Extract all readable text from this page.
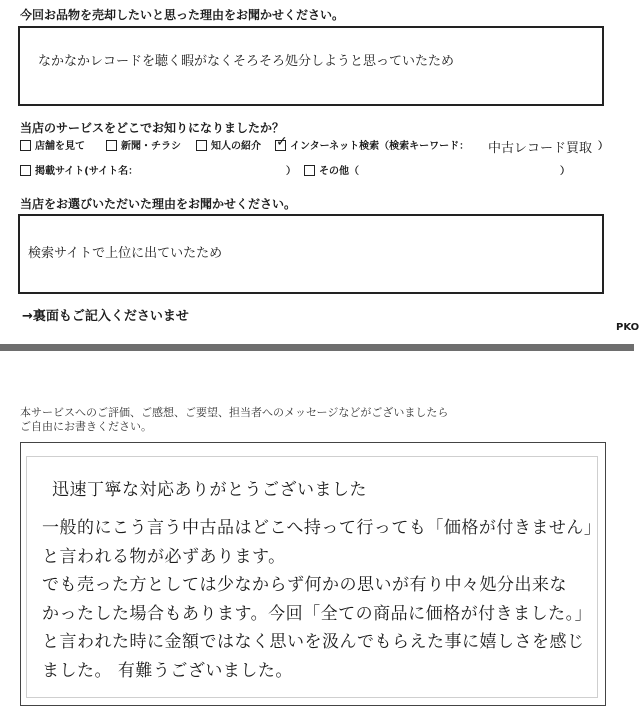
今回お品物を売却したいと思った理由をお聞かせください。
なかなかレコードを聴く暇がなくそろそろ処分しようと思っていたため
当店のサービスをどこでお知りになりましたか？
店舗を見て	新聞・チラシ	知人の紹介 ✓ インターネット検索（検索キーワード： 中古レコード買取 ）
掲載サイト(サイト名：	）	その他（	）
当店をお選びいただいた理由をお聞かせください。
検索サイトで上位に出ていたため
→裏面もご記入くださいませ
PKO
本サービスへのご評価、ご感想、ご要望、担当者へのメッセージなどがございましたら
ご自由にお書きください。
迅速丁寧な対応ありがとうございました
一般的にこう言う中古品はどこへ持って行っても「価格が付きません」
と言われる物が必ずあります。
でも売った方としては少なからず何かの思いが有り中々処分出来な
かったした場合もあります。今回「全ての商品に価格が付きました。」
と言われた時に金額ではなく思いを汲んでもらえた事に嬉しさを感じ
ました。 有難うございました。
